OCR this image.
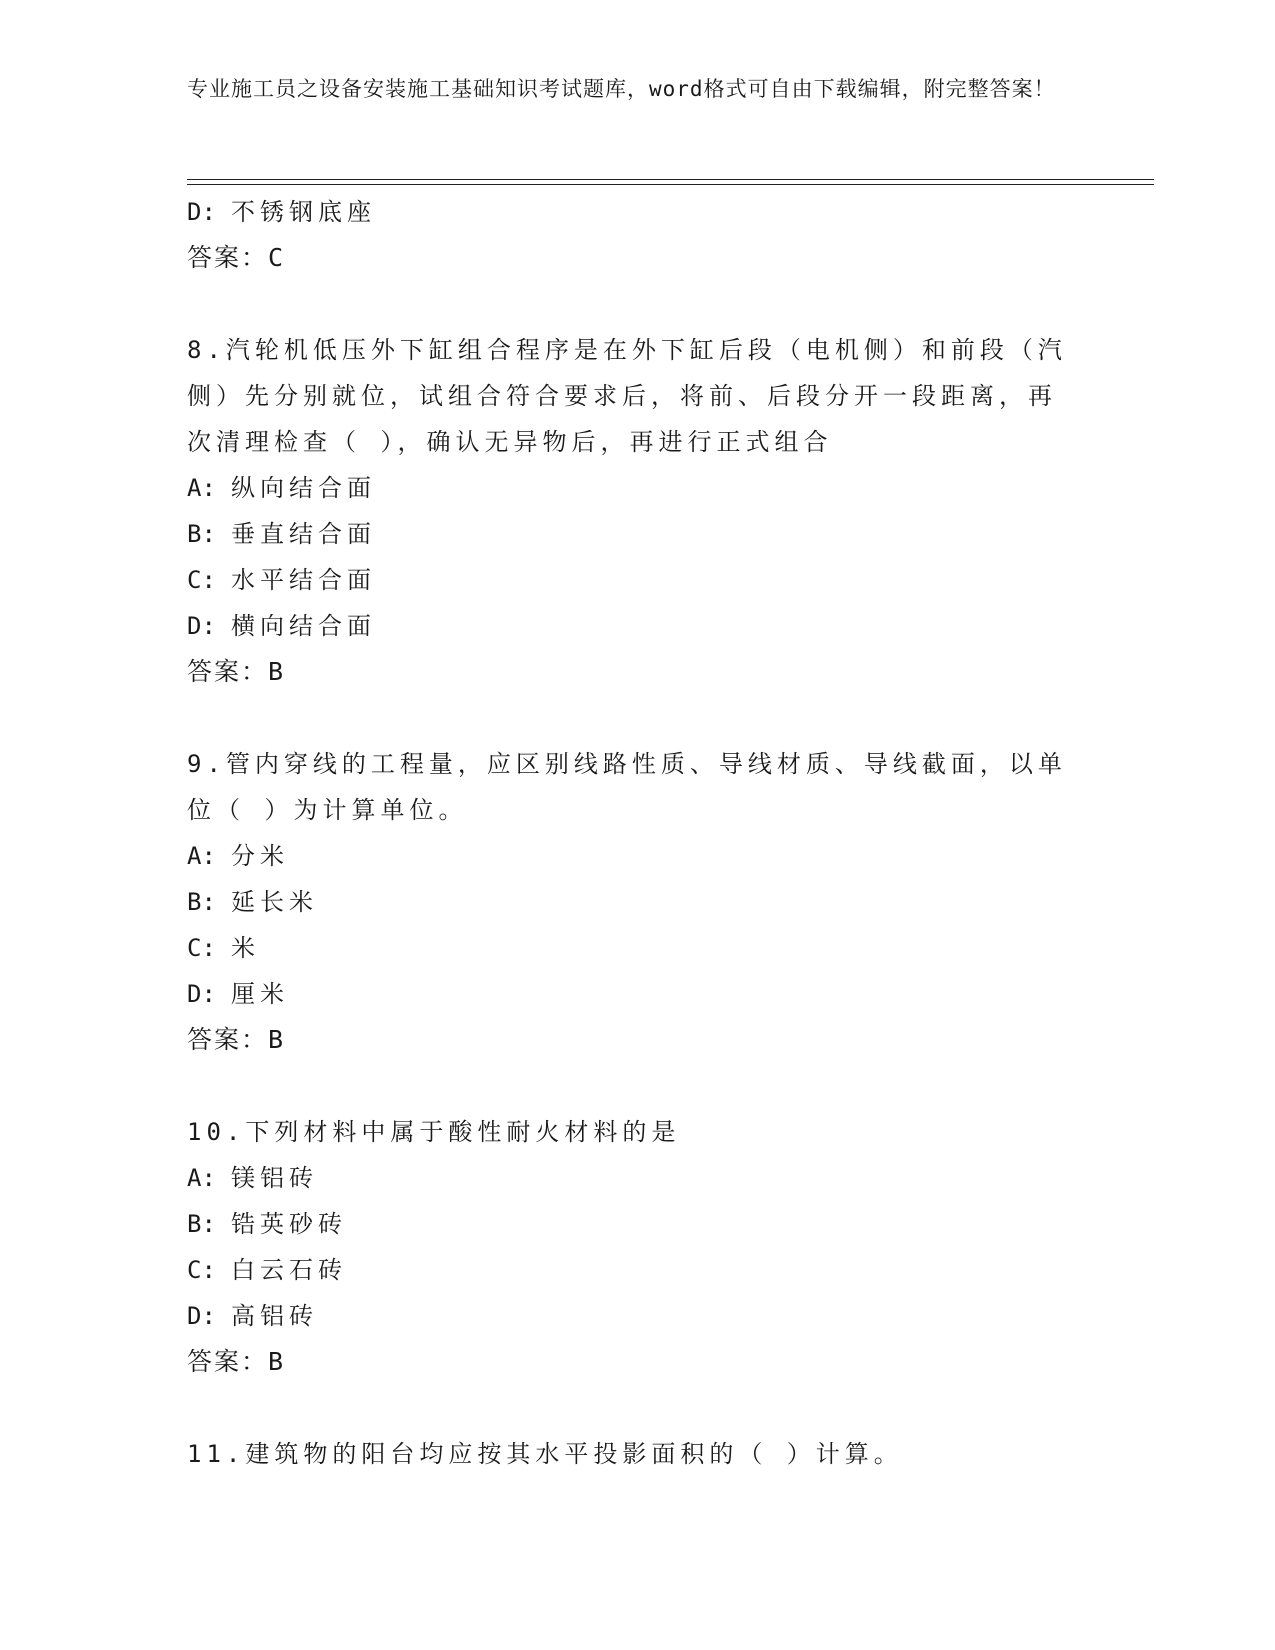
专业施工员之设备安装施工基础知识考试题库，word格式可自由下载编辑，附完整答案！
D: 不锈钢底座
答案：C
8.汽轮机低压外下缸组合程序是在外下缸后段（电机侧）和前段（汽侧）先分别就位，试组合符合要求后，将前、后段分开一段距离，再次清理检查（ ），确认无异物后，再进行正式组合
A: 纵向结合面
B: 垂直结合面
C: 水平结合面
D: 横向结合面
答案：B
9.管内穿线的工程量，应区别线路性质、导线材质、导线截面，以单位（ ）为计算单位。
A: 分米
B: 延长米
C: 米
D: 厘米
答案：B
10.下列材料中属于酸性耐火材料的是
A: 镁铝砖
B: 锆英砂砖
C: 白云石砖
D: 高铝砖
答案：B
11.建筑物的阳台均应按其水平投影面积的（ ）计算。
